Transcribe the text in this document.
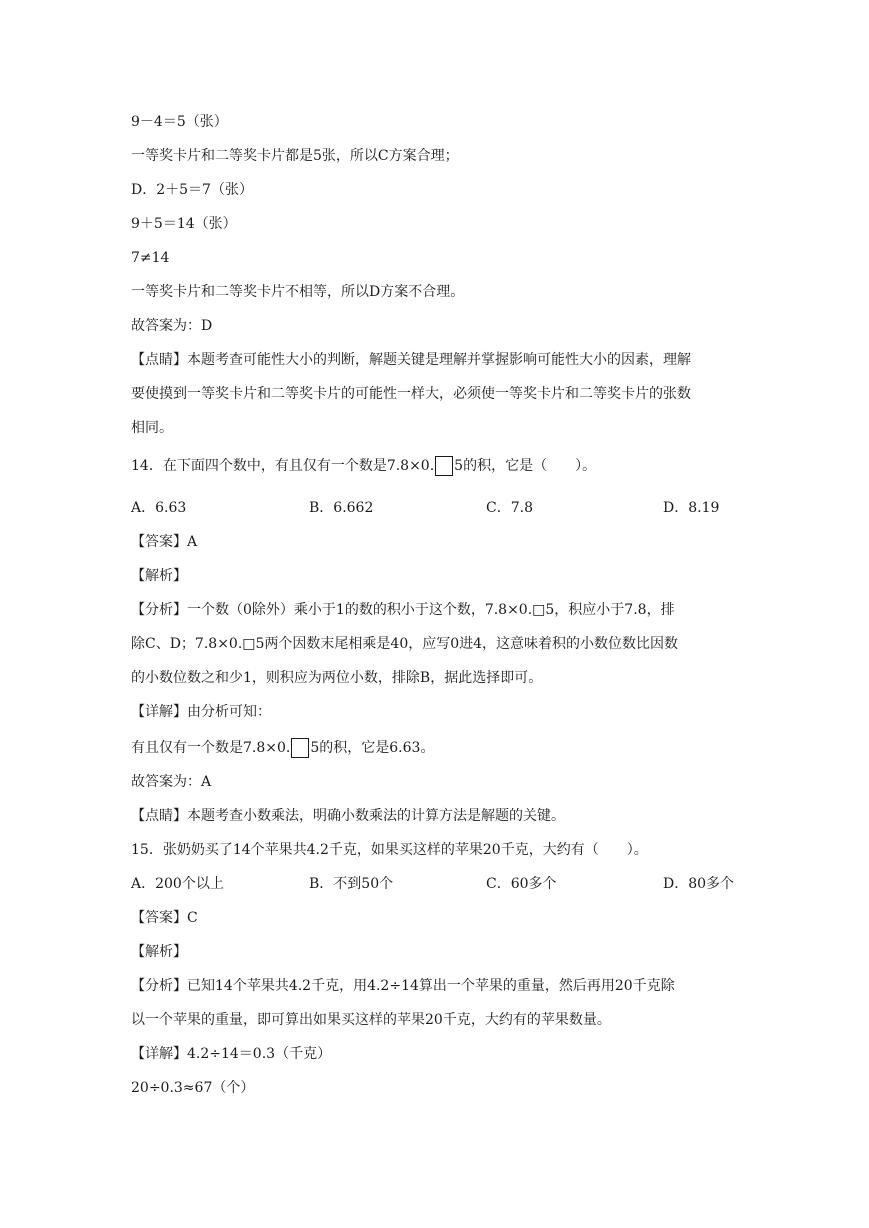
9－4＝5（张）
一等奖卡片和二等奖卡片都是5张，所以C方案合理；
D．2＋5＝7（张）
9＋5＝14（张）
7≠14
一等奖卡片和二等奖卡片不相等，所以D方案不合理。
故答案为：D
【点睛】本题考查可能性大小的判断，解题关键是理解并掌握影响可能性大小的因素，理解
要使摸到一等奖卡片和二等奖卡片的可能性一样大，必须使一等奖卡片和二等奖卡片的张数
相同。
14．在下面四个数中，有且仅有一个数是7.8×0. 5的积，它是（　　）。
A．6.63	B．6.662	C．7.8	D．8.19
【答案】A
【解析】
【分析】一个数（0除外）乘小于1的数的积小于这个数，7.8×0.□5，积应小于7.8，排
除C、D；7.8×0.□5两个因数末尾相乘是40，应写0进4，这意味着积的小数位数比因数
的小数位数之和少1，则积应为两位小数，排除B，据此选择即可。
【详解】由分析可知：
有且仅有一个数是7.8×0. 5的积，它是6.63。
故答案为：A
【点睛】本题考查小数乘法，明确小数乘法的计算方法是解题的关键。
15．张奶奶买了14个苹果共4.2千克，如果买这样的苹果20千克，大约有（　　）。
A．200个以上	B．不到50个	C．60多个	D．80多个
【答案】C
【解析】
【分析】已知14个苹果共4.2千克，用4.2÷14算出一个苹果的重量，然后再用20千克除
以一个苹果的重量，即可算出如果买这样的苹果20千克，大约有的苹果数量。
【详解】4.2÷14＝0.3（千克）
20÷0.3≈67（个）
